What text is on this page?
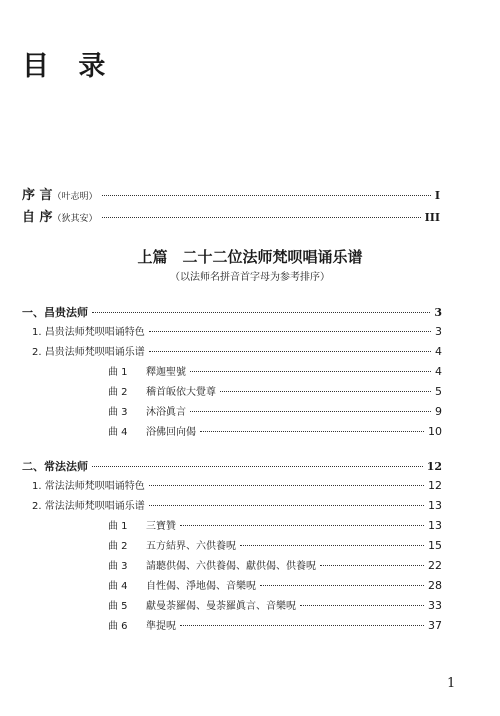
目 录
序 言 （叶志明）	I
自 序 （狄其安）	III
上篇　二十二位法师梵呗唱诵乐谱
（以法师名拼音首字母为参考排序）
一、昌贵法师	3
1. 昌贵法师梵呗唱诵特色	3
2. 昌贵法师梵呗唱诵乐谱	4
曲 1	釋迦聖號	4
曲 2	稽首皈依大覺尊	5
曲 3	沐浴眞言	9
曲 4	浴佛回向偈	10
二、常法法师	12
1. 常法法师梵呗唱诵特色	12
2. 常法法师梵呗唱诵乐谱	13
曲 1	三寶贊	13
曲 2	五方結界、六供養呪	15
曲 3	請聽供偈、六供養偈、獻供偈、供養呪	22
曲 4	自性偈、淨地偈、音樂呪	28
曲 5	獻曼荼羅偈、曼荼羅眞言、音樂呪	33
曲 6	準提呪	37
1
